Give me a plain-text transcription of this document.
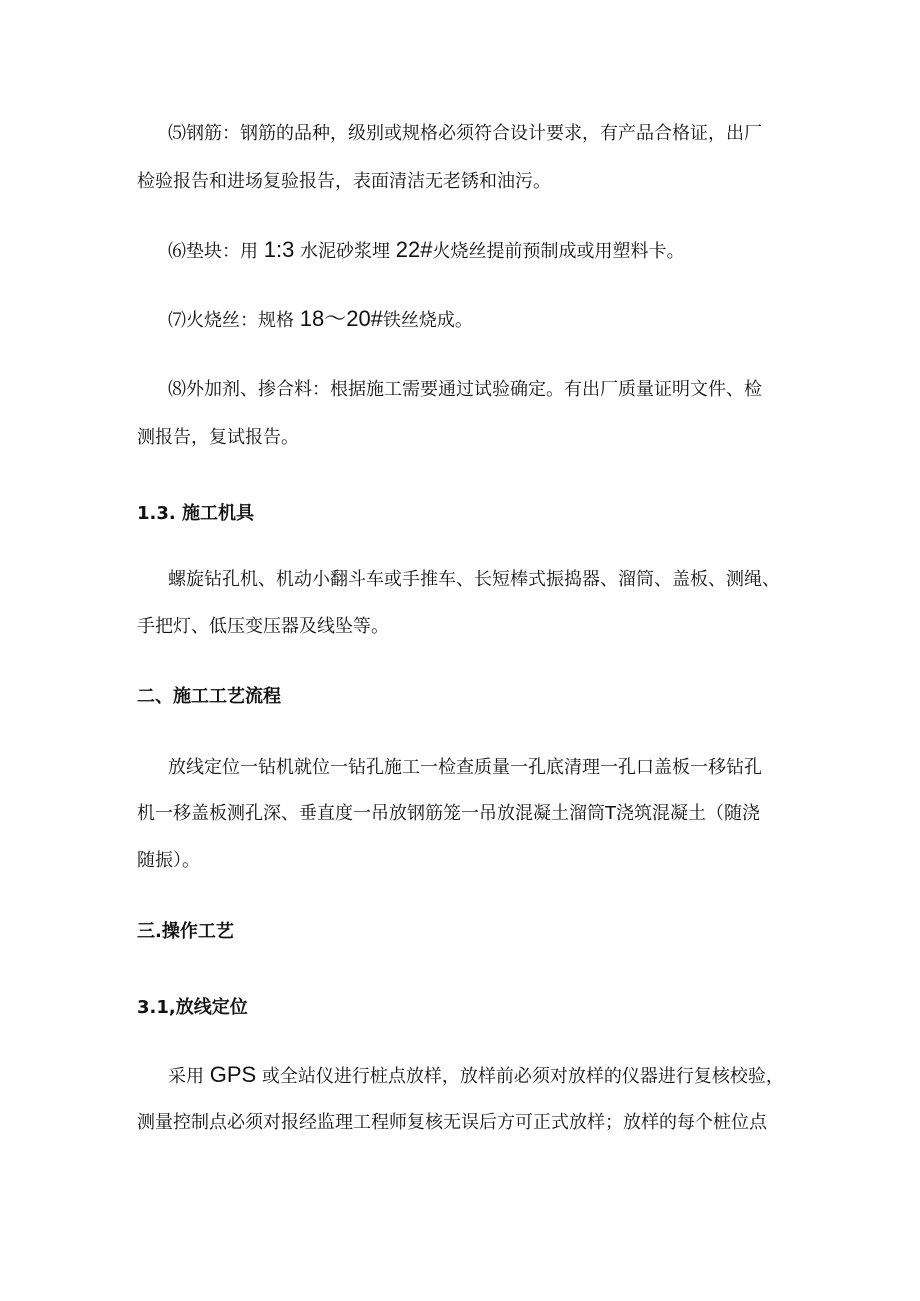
⑸钢筋：钢筋的品种，级别或规格必须符合设计要求，有产品合格证，出厂

检验报告和进场复验报告，表面清洁无老锈和油污。

⑹垫块：用 1:3 水泥砂浆埋 22#火烧丝提前预制成或用塑料卡。

⑺火烧丝：规格 18～20#铁丝烧成。

⑻外加剂、掺合料：根据施工需要通过试验确定。有出厂质量证明文件、检

测报告，复试报告。

1.3. 施工机具

螺旋钻孔机、机动小翻斗车或手推车、长短棒式振捣器、溜筒、盖板、测绳、

手把灯、低压变压器及线坠等。

二、施工工艺流程

放线定位一钻机就位一钻孔施工一检查质量一孔底清理一孔口盖板一移钻孔

机一移盖板测孔深、垂直度一吊放钢筋笼一吊放混凝土溜筒T浇筑混凝土（随浇

随振）。

三.操作工艺

3.1,放线定位

采用 GPS 或全站仪进行桩点放样，放样前必须对放样的仪器进行复核校验，

测量控制点必须对报经监理工程师复核无误后方可正式放样；放样的每个桩位点
